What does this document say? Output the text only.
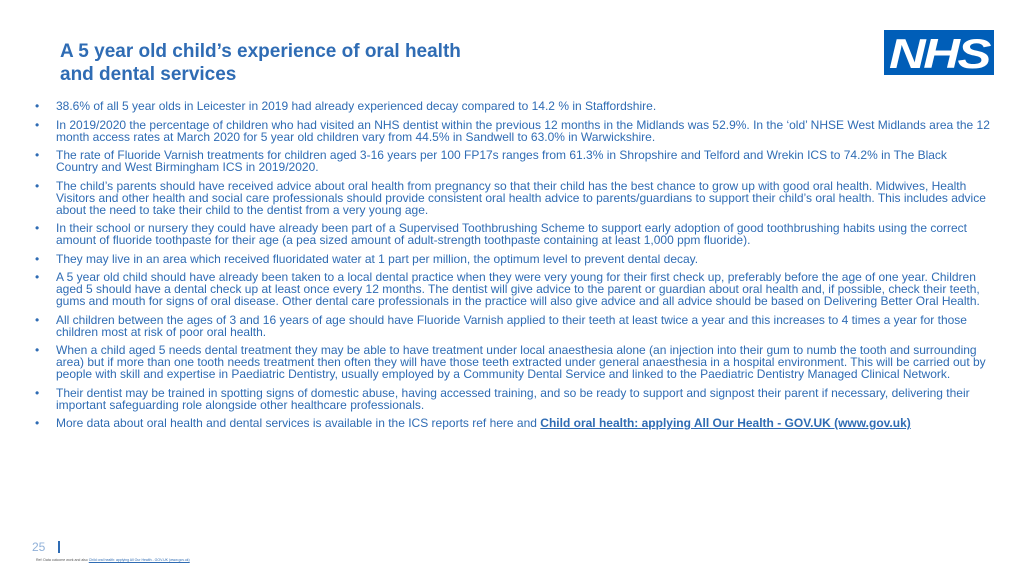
A 5 year old child’s experience of oral health
and dental services	NHS
• 38.6% of all 5 year olds in Leicester in 2019 had already experienced decay compared to 14.2 % in Staffordshire.
• In 2019/2020 the percentage of children who had visited an NHS dentist within the previous 12 months in the Midlands was 52.9%. In the ‘old’ NHSE West Midlands area the 12 month access rates at March 2020 for 5 year old children vary from 44.5% in Sandwell to 63.0% in Warwickshire.
• The rate of Fluoride Varnish treatments for children aged 3-16 years per 100 FP17s ranges from 61.3% in Shropshire and Telford and Wrekin ICS to 74.2% in The Black Country and West Birmingham ICS in 2019/2020.
• The child’s parents should have received advice about oral health from pregnancy so that their child has the best chance to grow up with good oral health. Midwives, Health Visitors and other health and social care professionals should provide consistent oral health advice to parents/guardians to support their child’s oral health. This includes advice about the need to take their child to the dentist from a very young age.
• In their school or nursery they could have already been part of a Supervised Toothbrushing Scheme to support early adoption of good toothbrushing habits using the correct amount of fluoride toothpaste for their age (a pea sized amount of adult-strength toothpaste containing at least 1,000 ppm fluoride).
• They may live in an area which received fluoridated water at 1 part per million, the optimum level to prevent dental decay.
• A 5 year old child should have already been taken to a local dental practice when they were very young for their first check up, preferably before the age of one year. Children aged 5 should have a dental check up at least once every 12 months. The dentist will give advice to the parent or guardian about oral health and, if possible, check their teeth, gums and mouth for signs of oral disease. Other dental care professionals in the practice will also give advice and all advice should be based on Delivering Better Oral Health.
• All children between the ages of 3 and 16 years of age should have Fluoride Varnish applied to their teeth at least twice a year and this increases to 4 times a year for those children most at risk of poor oral health.
• When a child aged 5 needs dental treatment they may be able to have treatment under local anaesthesia alone (an injection into their gum to numb the tooth and surrounding area) but if more than one tooth needs treatment then often they will have those teeth extracted under general anaesthesia in a hospital environment. This will be carried out by people with skill and expertise in Paediatric Dentistry, usually employed by a Community Dental Service and linked to the Paediatric Dentistry Managed Clinical Network.
• Their dentist may be trained in spotting signs of domestic abuse, having accessed training, and so be ready to support and signpost their parent if necessary, delivering their important safeguarding role alongside other healthcare professionals.
• More data about oral health and dental services is available in the ICS reports ref here and Child oral health: applying All Our Health - GOV.UK (www.gov.uk)
25
Ref: Data outcome work and also Child oral health: applying All Our Health - GOV.UK (www.gov.uk)
